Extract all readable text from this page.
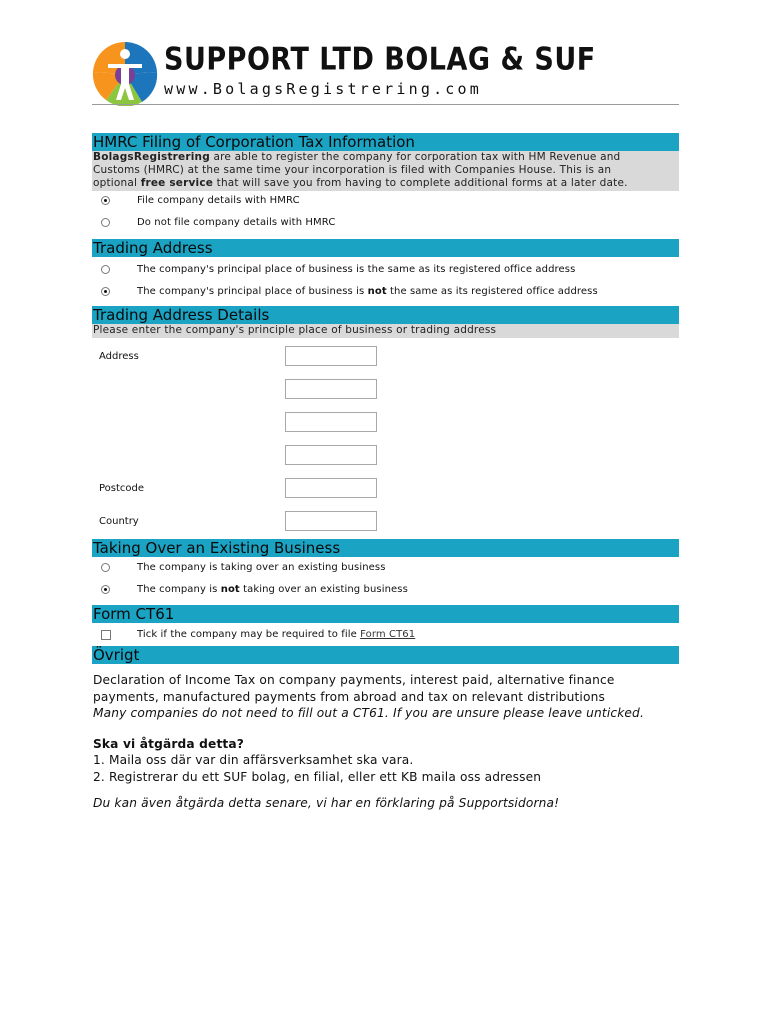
SUPPORT LTD BOLAG & SUF
www.BolagsRegistrering.com
HMRC Filing of Corporation Tax Information
BolagsRegistrering are able to register the company for corporation tax with HM Revenue and
Customs (HMRC) at the same time your incorporation is filed with Companies House. This is an
optional free service that will save you from having to complete additional forms at a later date.
File company details with HMRC
Do not file company details with HMRC
Trading Address
The company's principal place of business is the same as its registered office address
The company's principal place of business is not the same as its registered office address
Trading Address Details
Please enter the company's principle place of business or trading address
Address
Postcode
Country
Taking Over an Existing Business
The company is taking over an existing business
The company is not taking over an existing business
Form CT61
Tick if the company may be required to file Form CT61
Övrigt

Declaration of Income Tax on company payments, interest paid, alternative finance

payments, manufactured payments from abroad and tax on relevant distributions

Many companies do not need to fill out a CT61. If you are unsure please leave unticked.

Ska vi åtgärda detta?

1. Maila oss där var din affärsverksamhet ska vara.

2. Registrerar du ett SUF bolag, en filial, eller ett KB maila oss adressen

Du kan även åtgärda detta senare, vi har en förklaring på Supportsidorna!
